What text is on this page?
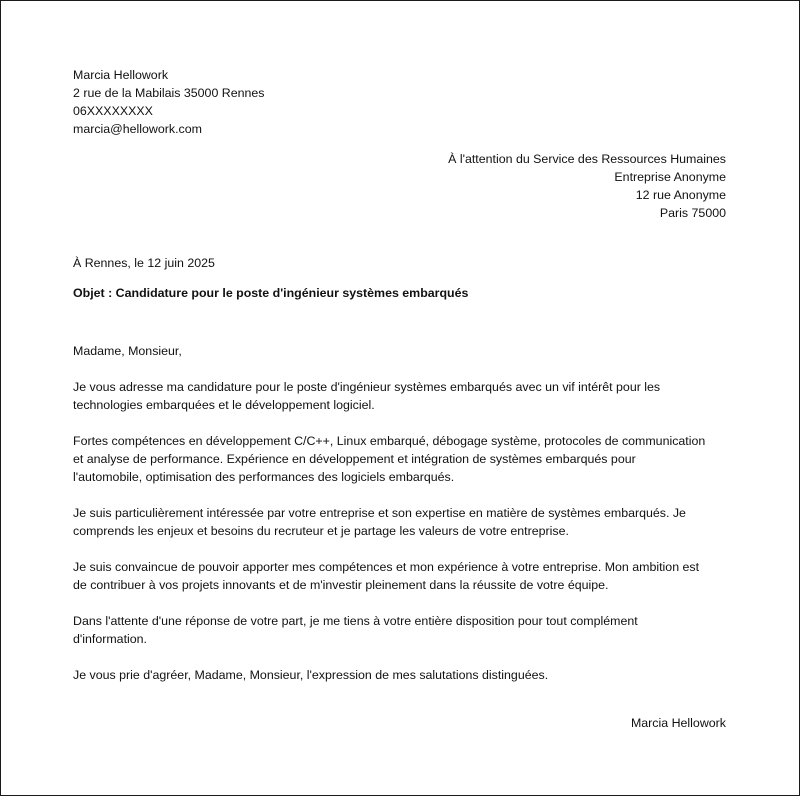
Marcia Hellowork
2 rue de la Mabilais 35000 Rennes
06XXXXXXXX
marcia@hellowork.com
À l'attention du Service des Ressources Humaines
Entreprise Anonyme
12 rue Anonyme
Paris 75000
À Rennes, le 12 juin 2025
Objet : Candidature pour le poste d'ingénieur systèmes embarqués

Madame, Monsieur,

Je vous adresse ma candidature pour le poste d'ingénieur systèmes embarqués avec un vif intérêt pour les
technologies embarquées et le développement logiciel.

Fortes compétences en développement C/C++, Linux embarqué, débogage système, protocoles de communication
et analyse de performance. Expérience en développement et intégration de systèmes embarqués pour
l'automobile, optimisation des performances des logiciels embarqués.

Je suis particulièrement intéressée par votre entreprise et son expertise en matière de systèmes embarqués. Je
comprends les enjeux et besoins du recruteur et je partage les valeurs de votre entreprise.

Je suis convaincue de pouvoir apporter mes compétences et mon expérience à votre entreprise. Mon ambition est
de contribuer à vos projets innovants et de m'investir pleinement dans la réussite de votre équipe.

Dans l'attente d'une réponse de votre part, je me tiens à votre entière disposition pour tout complément
d'information.

Je vous prie d'agréer, Madame, Monsieur, l'expression de mes salutations distinguées.

Marcia Hellowork
